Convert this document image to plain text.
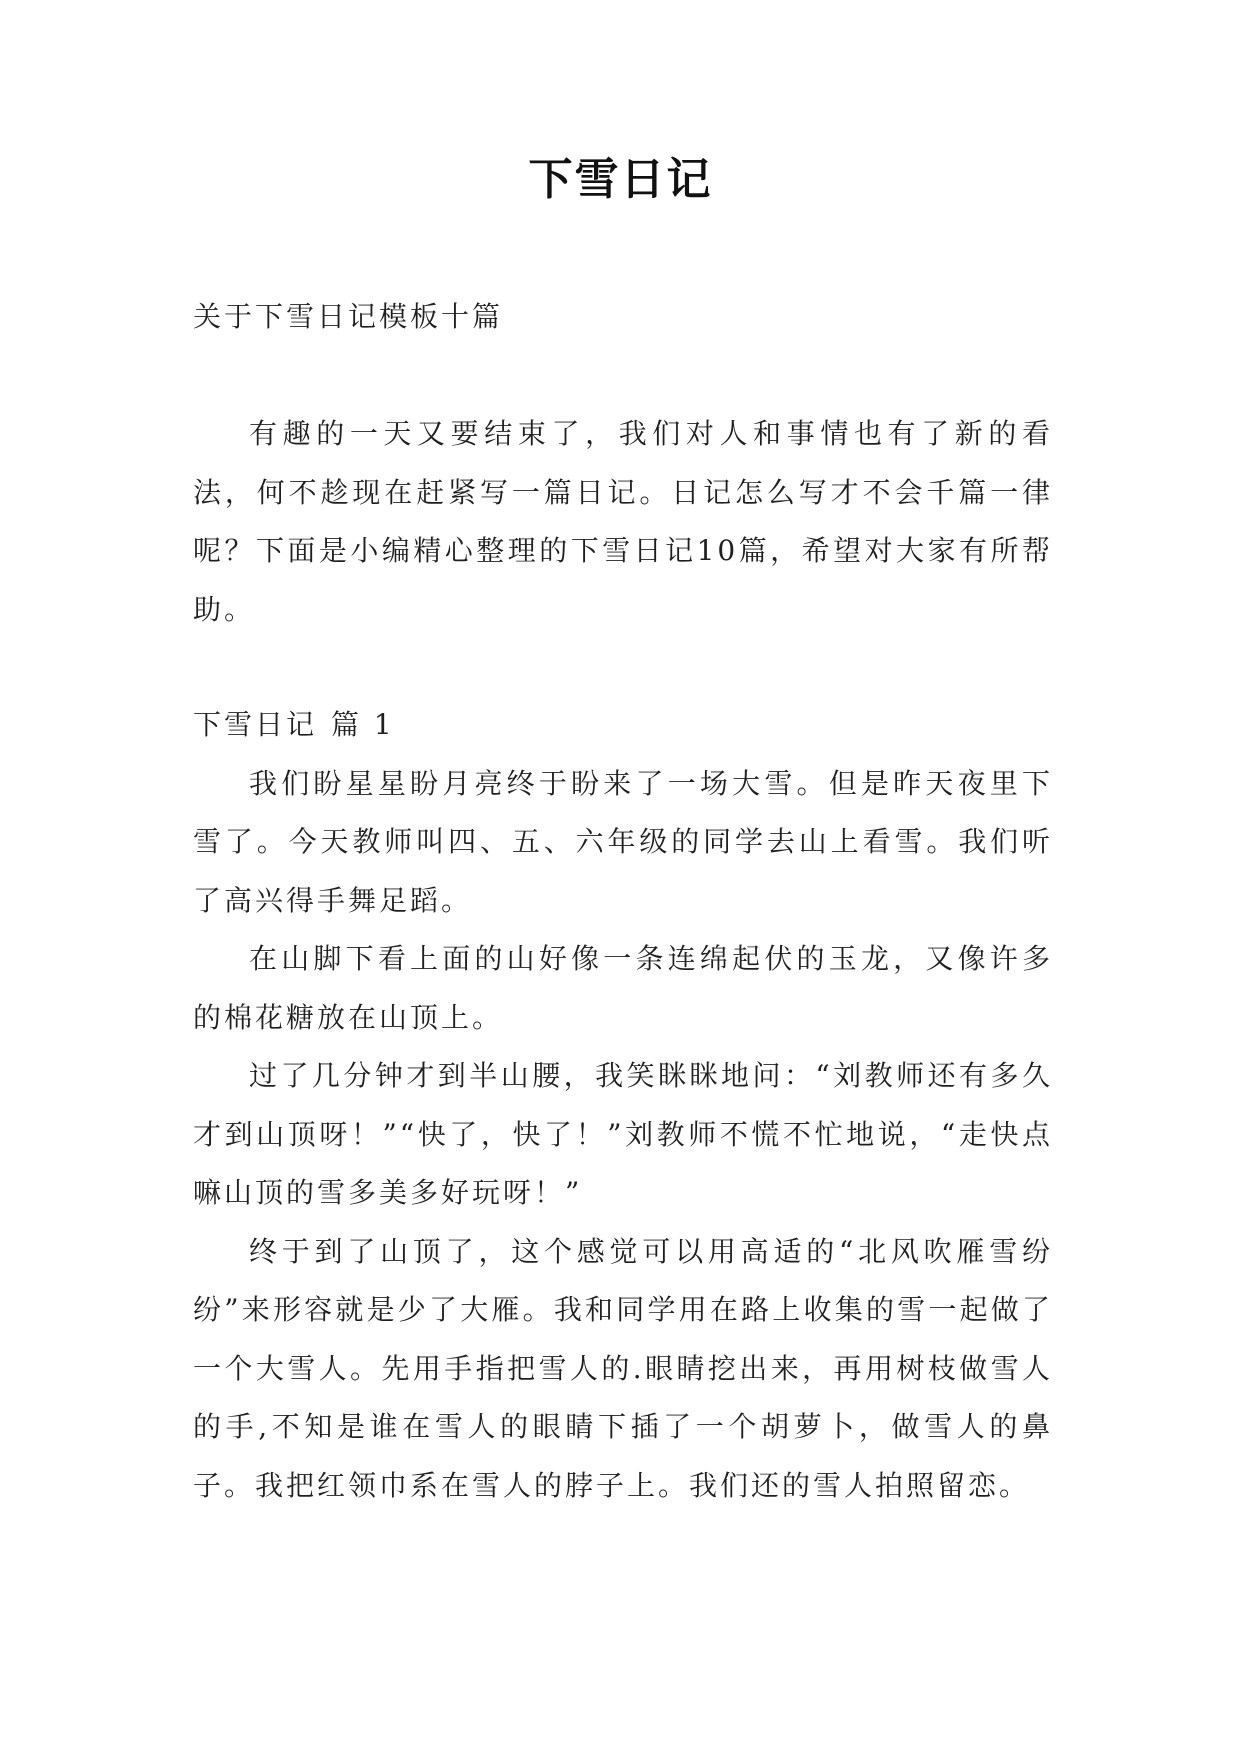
下雪日记
关于下雪日记模板十篇

有趣的一天又要结束了，我们对人和事情也有了新的看法，何不趁现在赶紧写一篇日记。日记怎么写才不会千篇一律呢？下面是小编精心整理的下雪日记10篇，希望对大家有所帮助。

下雪日记 篇 1

我们盼星星盼月亮终于盼来了一场大雪。但是昨天夜里下雪了。今天教师叫四、五、六年级的同学去山上看雪。我们听了高兴得手舞足蹈。

在山脚下看上面的山好像一条连绵起伏的玉龙，又像许多的棉花糖放在山顶上。

过了几分钟才到半山腰，我笑眯眯地问：“刘教师还有多久才到山顶呀！”“快了，快了！”刘教师不慌不忙地说，“走快点嘛山顶的雪多美多好玩呀！”

终于到了山顶了，这个感觉可以用高适的“北风吹雁雪纷纷”来形容就是少了大雁。我和同学用在路上收集的雪一起做了一个大雪人。先用手指把雪人的.眼睛挖出来，再用树枝做雪人的手,不知是谁在雪人的眼睛下插了一个胡萝卜，做雪人的鼻子。我把红领巾系在雪人的脖子上。我们还的雪人拍照留恋。
